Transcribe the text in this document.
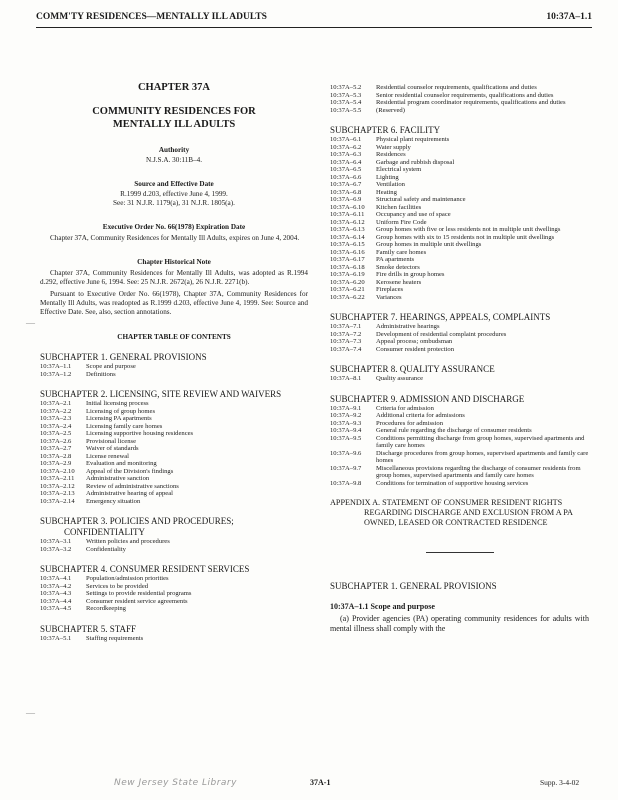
COMM'TY RESIDENCES—MENTALLY ILL ADULTS	10:37A–1.1
CHAPTER 37A
COMMUNITY RESIDENCES FOR MENTALLY ILL ADULTS
Authority
N.J.S.A. 30:11B–4.
Source and Effective Date
R.1999 d.203, effective June 4, 1999.
See: 31 N.J.R. 1179(a), 31 N.J.R. 1805(a).
Executive Order No. 66(1978) Expiration Date
Chapter 37A, Community Residences for Mentally Ill Adults, expires on June 4, 2004.
Chapter Historical Note
Chapter 37A, Community Residences for Mentally Ill Adults, was adopted as R.1994 d.292, effective June 6, 1994. See: 25 N.J.R. 2672(a), 26 N.J.R. 2271(b).
Pursuant to Executive Order No. 66(1978), Chapter 37A, Community Residences for Mentally Ill Adults, was readopted as R.1999 d.203, effective June 4, 1999. See: Source and Effective Date. See, also, section annotations.
CHAPTER TABLE OF CONTENTS
SUBCHAPTER 1. GENERAL PROVISIONS
10:37A–1.1	Scope and purpose
10:37A–1.2	Definitions
SUBCHAPTER 2. LICENSING, SITE REVIEW AND WAIVERS
10:37A–2.1	Initial licensing process
10:37A–2.2	Licensing of group homes
10:37A–2.3	Licensing PA apartments
10:37A–2.4	Licensing family care homes
10:37A–2.5	Licensing supportive housing residences
10:37A–2.6	Provisional license
10:37A–2.7	Waiver of standards
10:37A–2.8	License renewal
10:37A–2.9	Evaluation and monitoring
10:37A–2.10	Appeal of the Division's findings
10:37A–2.11	Administrative sanction
10:37A–2.12	Review of administrative sanctions
10:37A–2.13	Administrative hearing of appeal
10:37A–2.14	Emergency situation
SUBCHAPTER 3. POLICIES AND PROCEDURES; CONFIDENTIALITY
10:37A–3.1	Written policies and procedures
10:37A–3.2	Confidentiality
SUBCHAPTER 4. CONSUMER RESIDENT SERVICES
10:37A–4.1	Population/admission priorities
10:37A–4.2	Services to be provided
10:37A–4.3	Settings to provide residential programs
10:37A–4.4	Consumer resident service agreements
10:37A–4.5	Recordkeeping
SUBCHAPTER 5. STAFF
10:37A–5.1	Staffing requirements
10:37A–5.2	Residential counselor requirements, qualifications and duties
10:37A–5.3	Senior residential counselor requirements, qualifications and duties
10:37A–5.4	Residential program coordinator requirements, qualifications and duties
10:37A–5.5	(Reserved)
SUBCHAPTER 6. FACILITY
10:37A–6.1	Physical plant requirements
10:37A–6.2	Water supply
10:37A–6.3	Residences
10:37A–6.4	Garbage and rubbish disposal
10:37A–6.5	Electrical system
10:37A–6.6	Lighting
10:37A–6.7	Ventilation
10:37A–6.8	Heating
10:37A–6.9	Structural safety and maintenance
10:37A–6.10	Kitchen facilities
10:37A–6.11	Occupancy and use of space
10:37A–6.12	Uniform Fire Code
10:37A–6.13	Group homes with five or less residents not in multiple unit dwellings
10:37A–6.14	Group homes with six to 15 residents not in multiple unit dwellings
10:37A–6.15	Group homes in multiple unit dwellings
10:37A–6.16	Family care homes
10:37A–6.17	PA apartments
10:37A–6.18	Smoke detectors
10:37A–6.19	Fire drills in group homes
10:37A–6.20	Kerosene heaters
10:37A–6.21	Fireplaces
10:37A–6.22	Variances
SUBCHAPTER 7. HEARINGS, APPEALS, COMPLAINTS
10:37A–7.1	Administrative hearings
10:37A–7.2	Development of residential complaint procedures
10:37A–7.3	Appeal process; ombudsman
10:37A–7.4	Consumer resident protection
SUBCHAPTER 8. QUALITY ASSURANCE
10:37A–8.1	Quality assurance
SUBCHAPTER 9. ADMISSION AND DISCHARGE
10:37A–9.1	Criteria for admission
10:37A–9.2	Additional criteria for admissions
10:37A–9.3	Procedures for admission
10:37A–9.4	General rule regarding the discharge of consumer residents
10:37A–9.5	Conditions permitting discharge from group homes, supervised apartments and family care homes
10:37A–9.6	Discharge procedures from group homes, supervised apartments and family care homes
10:37A–9.7	Miscellaneous provisions regarding the discharge of consumer residents from group homes, supervised apartments and family care homes
10:37A–9.8	Conditions for termination of supportive housing services
APPENDIX A. STATEMENT OF CONSUMER RESIDENT RIGHTS REGARDING DISCHARGE AND EXCLUSION FROM A PA OWNED, LEASED OR CONTRACTED RESIDENCE
SUBCHAPTER 1. GENERAL PROVISIONS
10:37A–1.1 Scope and purpose
(a) Provider agencies (PA) operating community residences for adults with mental illness shall comply with the
—​
—​
New Jersey State Library	37A-1	Supp. 3-4-02
